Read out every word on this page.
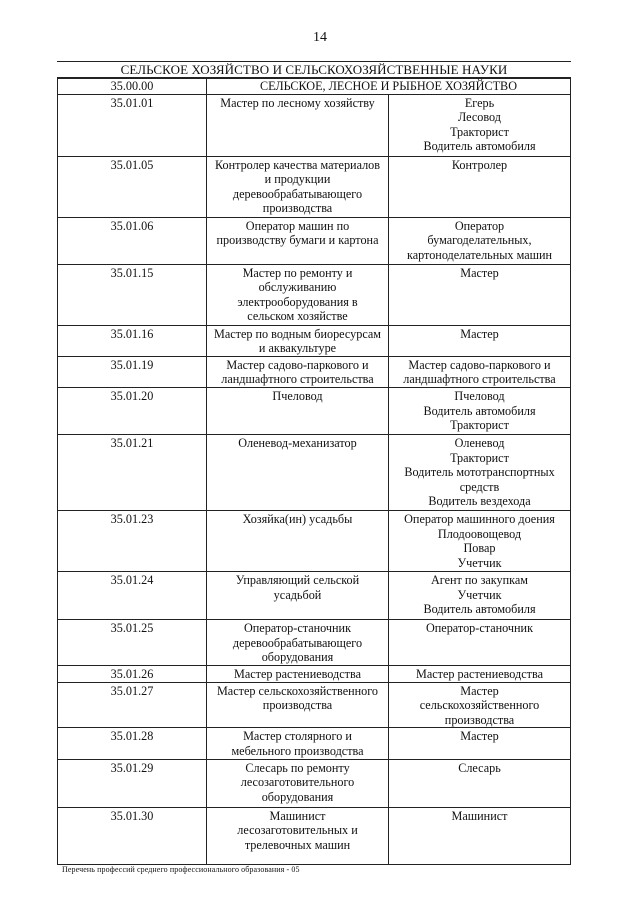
14
СЕЛЬСКОЕ ХОЗЯЙСТВО И СЕЛЬСКОХОЗЯЙСТВЕННЫЕ НАУКИ
35.00.00	СЕЛЬСКОЕ, ЛЕСНОЕ И РЫБНОЕ ХОЗЯЙСТВО	
35.01.01	Мастер по лесному хозяйству	Егерь
Лесовод
Тракторист
Водитель автомобиля

35.01.05	Контролер качества материалов
и продукции
деревообрабатывающего
производства	Контролер

35.01.06	Оператор машин по
производству бумаги и картона	Оператор
бумагоделательных,
картоноделательных машин

35.01.15	Мастер по ремонту и
обслуживанию
электрооборудования в
сельском хозяйстве	Мастер

35.01.16	Мастер по водным биоресурсам
и аквакультуре	Мастер

35.01.19	Мастер садово-паркового и
ландшафтного строительства	Мастер садово-паркового и
ландшафтного строительства

35.01.20	Пчеловод	Пчеловод
Водитель автомобиля
Тракторист

35.01.21	Оленевод-механизатор	Оленевод
Тракторист
Водитель мототранспортных
средств
Водитель вездехода

35.01.23	Хозяйка(ин) усадьбы	Оператор машинного доения
Плодоовощевод
Повар
Учетчик

35.01.24	Управляющий сельской
усадьбой	Агент по закупкам
Учетчик
Водитель автомобиля

35.01.25	Оператор-станочник
деревообрабатывающего
оборудования	Оператор-станочник

35.01.26	Мастер растениеводства	Мастер растениеводства

35.01.27	Мастер сельскохозяйственного
производства	Мастер
сельскохозяйственного
производства

35.01.28	Мастер столярного и
мебельного производства	Мастер

35.01.29	Слесарь по ремонту
лесозаготовительного
оборудования	Слесарь

35.01.30	Машинист
лесозаготовительных и
трелевочных машин	Машинист
Перечень профессий среднего профессионального образования - 05
